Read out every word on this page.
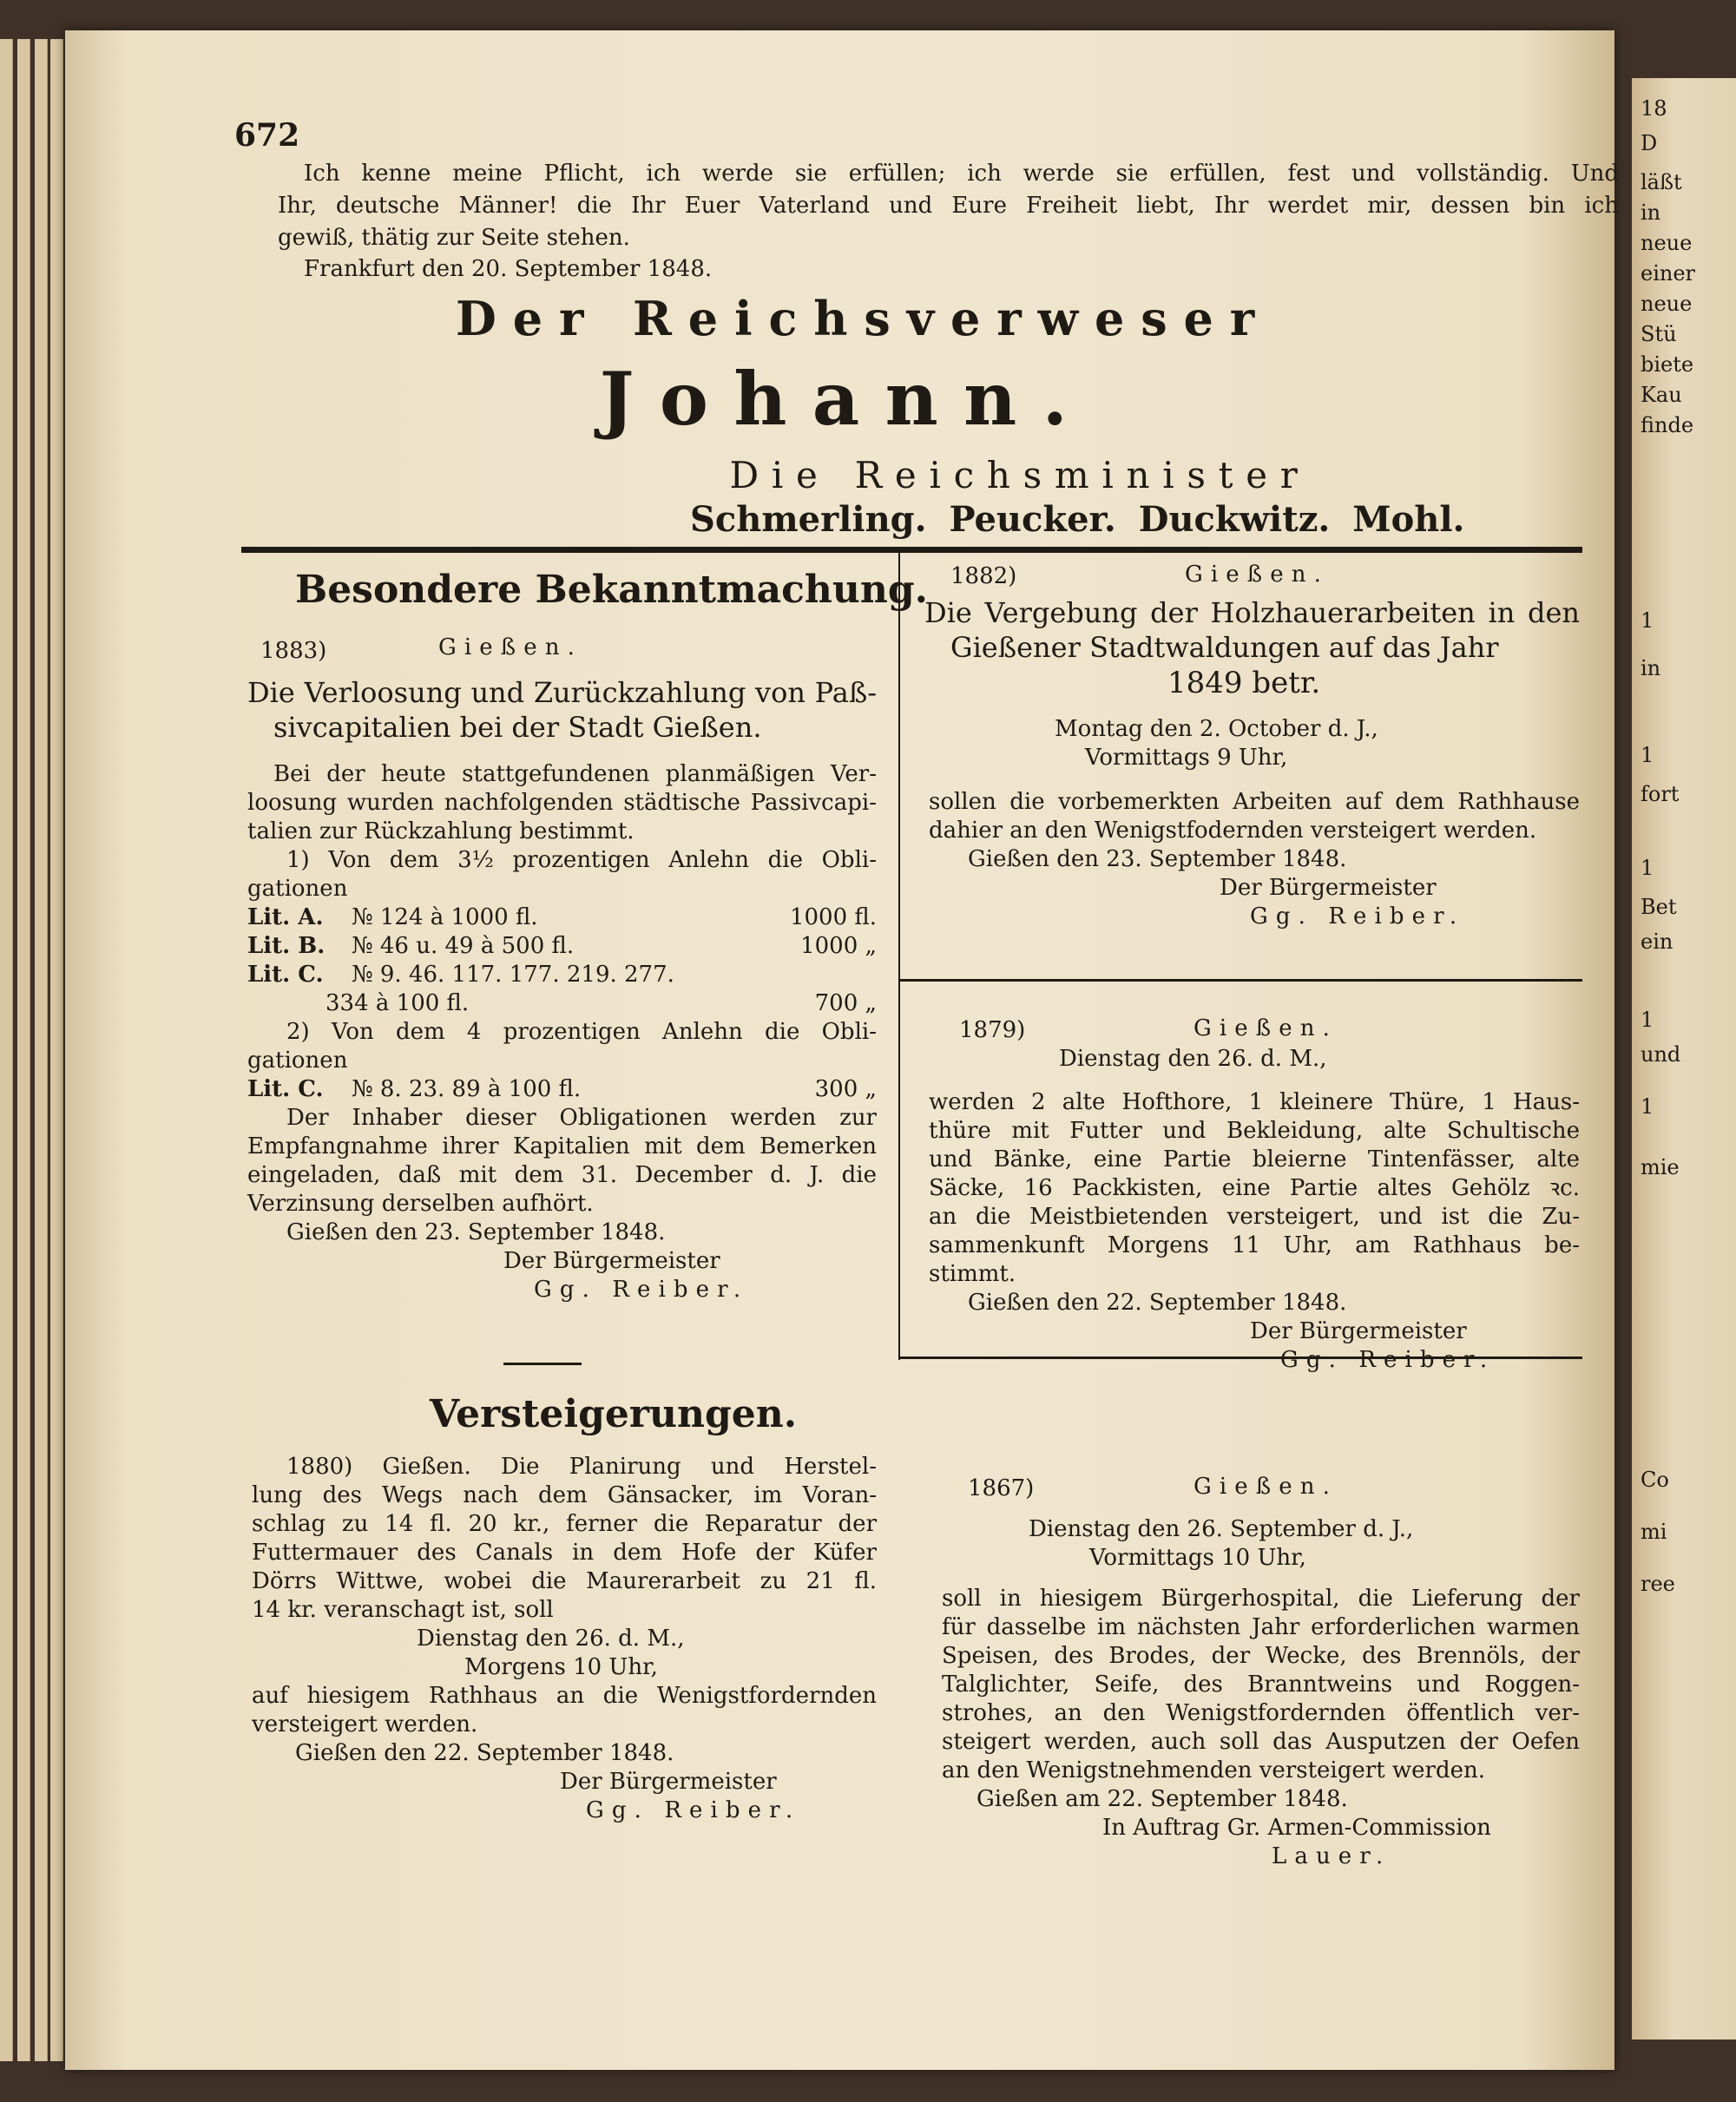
18
D
läßt
in
neue
einer
neue
Stü
biete
Kau
finde
1
in
1
fort
1
Bet
ein
1
und
1
mie
Co
mi
ree
672
Ich kenne meine Pflicht, ich werde sie erfüllen; ich werde sie erfüllen, fest und vollständig. Und
Ihr, deutsche Männer! die Ihr Euer Vaterland und Eure Freiheit liebt, Ihr werdet mir, dessen bin ich
gewiß, thätig zur Seite stehen.
Frankfurt den 20. September 1848.
Der Reichsverweser
Johann.
Die Reichsminister
Schmerling. Peucker. Duckwitz. Mohl.
Besondere Bekanntmachung.
1883)	Gießen.
Die Verloosung und Zurückzahlung von Paß-
sivcapitalien bei der Stadt Gießen.
Bei der heute stattgefundenen planmäßigen Ver-
loosung wurden nachfolgenden städtische Passivcapi-
talien zur Rückzahlung bestimmt.
1) Von dem 3½ prozentigen Anlehn die Obli-
gationen
Lit. A. № 124 à 1000 fl.	1000 fl.
Lit. B. № 46 u. 49 à 500 fl.	1000 „
Lit. C. № 9. 46. 117. 177. 219. 277.
334 à 100 fl.	700 „
2) Von dem 4 prozentigen Anlehn die Obli-
gationen
Lit. C. № 8. 23. 89 à 100 fl.	300 „
Der Inhaber dieser Obligationen werden zur
Empfangnahme ihrer Kapitalien mit dem Bemerken
eingeladen, daß mit dem 31. December d. J. die
Verzinsung derselben aufhört.
Gießen den 23. September 1848.
Der Bürgermeister
Gg. Reiber.
Versteigerungen.
1880) Gießen. Die Planirung und Herstel-
lung des Wegs nach dem Gänsacker, im Voran-
schlag zu 14 fl. 20 kr., ferner die Reparatur der
Futtermauer des Canals in dem Hofe der Küfer
Dörrs Wittwe, wobei die Maurerarbeit zu 21 fl.
14 kr. veranschagt ist, soll
Dienstag den 26. d. M.,
Morgens 10 Uhr,
auf hiesigem Rathhaus an die Wenigstfordernden
versteigert werden.
Gießen den 22. September 1848.
Der Bürgermeister
Gg. Reiber.
1882)	Gießen.
Die Vergebung der Holzhauerarbeiten in den
Gießener Stadtwaldungen auf das Jahr
1849 betr.
Montag den 2. October d. J.,
Vormittags 9 Uhr,
sollen die vorbemerkten Arbeiten auf dem Rathhause
dahier an den Wenigstfodernden versteigert werden.
Gießen den 23. September 1848.
Der Bürgermeister
Gg. Reiber.
1879)	Gießen.
Dienstag den 26. d. M.,
werden 2 alte Hofthore, 1 kleinere Thüre, 1 Haus-
thüre mit Futter und Bekleidung, alte Schultische
und Bänke, eine Partie bleierne Tintenfässer, alte
Säcke, 16 Packkisten, eine Partie altes Gehölz ꝛc.
an die Meistbietenden versteigert, und ist die Zu-
sammenkunft Morgens 11 Uhr, am Rathhaus be-
stimmt.
Gießen den 22. September 1848.
Der Bürgermeister
Gg. Reiber.
1867)	Gießen.
Dienstag den 26. September d. J.,
Vormittags 10 Uhr,
soll in hiesigem Bürgerhospital, die Lieferung der
für dasselbe im nächsten Jahr erforderlichen warmen
Speisen, des Brodes, der Wecke, des Brennöls, der
Talglichter, Seife, des Branntweins und Roggen-
strohes, an den Wenigstfordernden öffentlich ver-
steigert werden, auch soll das Ausputzen der Oefen
an den Wenigstnehmenden versteigert werden.
Gießen am 22. September 1848.
In Auftrag Gr. Armen-Commission
Lauer.
